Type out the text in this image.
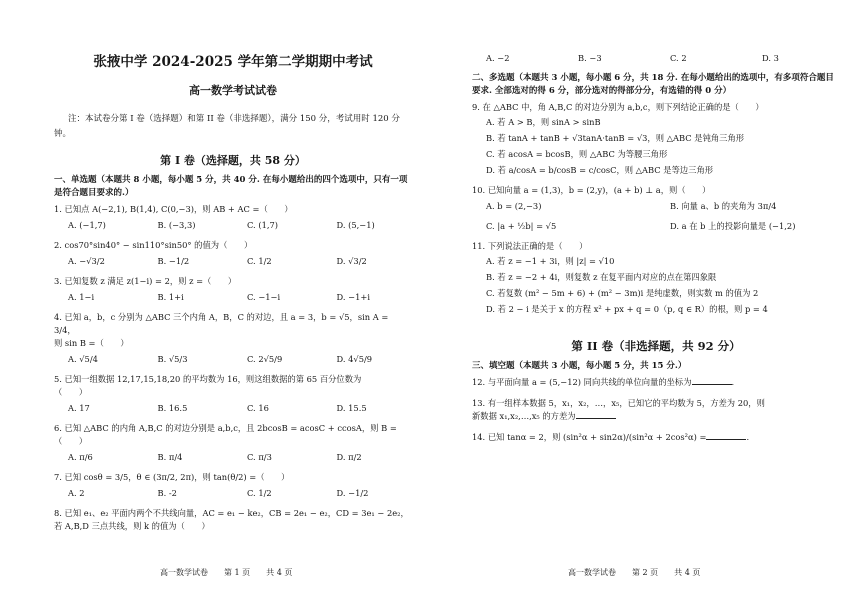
张掖中学 2024-2025 学年第二学期期中考试
高一数学考试试卷
注：本试卷分第 I 卷（选择题）和第 II 卷（非选择题），满分 150 分，考试用时 120 分钟。
第 I 卷（选择题，共 58 分）
一、单选题（本题共 8 小题，每小题 5 分，共 40 分. 在每小题给出的四个选项中，只有一项是符合题目要求的.）
1. 已知点 A(−2,1), B(1,4), C(0,−3)，则 AB + AC =（　　）
A. (−1,7)	B. (−3,3)	C. (1,7)	D. (5,−1)
2. cos70°sin40° − sin110°sin50° 的值为（　　）
A. −√3/2	B. −1/2	C. 1/2	D. √3/2
3. 已知复数 z 满足 z(1−i) = 2，则 z =（　　）
A. 1−i	B. 1+i	C. −1−i	D. −1+i
4. 已知 a，b，c 分别为 △ABC 三个内角 A，B，C 的对边，且 a = 3，b = √5，sin A = 3/4，
则 sin B =（　　）
A. √5/4	B. √5/3	C. 2√5/9	D. 4√5/9
5. 已知一组数据 12,17,15,18,20 的平均数为 16，则这组数据的第 65 百分位数为
（　　）
A. 17	B. 16.5	C. 16	D. 15.5
6. 已知 △ABC 的内角 A,B,C 的对边分别是 a,b,c，且 2bcosB = acosC + ccosA，则 B =
（　　）
A. π/6	B. π/4	C. π/3	D. π/2
7. 已知 cosθ = 3/5，θ ∈ (3π/2, 2π)，则 tan(θ/2) =（　　）
A. 2	B. -2	C. 1/2	D. −1/2
8. 已知 e₁、e₂ 平面内两个不共线向量，AC = e₁ − ke₂，CB = 2e₁ − e₂，CD = 3e₁ − 2e₂，
若 A,B,D 三点共线，则 k 的值为（　　）
高一数学试卷　　第 1 页　　共 4 页
A. −2	B. −3	C. 2	D. 3
二、多选题（本题共 3 小题，每小题 6 分，共 18 分. 在每小题给出的选项中，有多项符合题目要求. 全部选对的得 6 分，部分选对的得部分分，有选错的得 0 分）
9. 在 △ABC 中，角 A,B,C 的对边分别为 a,b,c，则下列结论正确的是（　　）
A. 若 A > B，则 sinA > sinB
B. 若 tanA + tanB + √3tanA·tanB = √3，则 △ABC 是钝角三角形
C. 若 acosA = bcosB，则 △ABC 为等腰三角形
D. 若 a/cosA = b/cosB = c/cosC，则 △ABC 是等边三角形
10. 已知向量 a = (1,3)，b = (2,y)，(a + b) ⊥ a，则（　　）
A. b = (2,−3)	B. 向量 a、b 的夹角为 3π/4
C. |a + ½b| = √5	D. a 在 b 上的投影向量是 (−1,2)
11. 下列说法正确的是（　　）
A. 若 z = −1 + 3i，则 |z| = √10
B. 若 z = −2 + 4i，则复数 z 在复平面内对应的点在第四象限
C. 若复数 (m² − 5m + 6) + (m² − 3m)i 是纯虚数，则实数 m 的值为 2
D. 若 2 − i 是关于 x 的方程 x² + px + q = 0（p, q ∈ R）的根，则 p = 4
第 II 卷（非选择题，共 92 分）
三、填空题（本题共 3 小题，每小题 5 分，共 15 分.）
12. 与平面向量 a = (5,−12) 同向共线的单位向量的坐标为	.
13. 有一组样本数据 5，x₁，x₂，…，x₅，已知它的平均数为 5，方差为 20，则
新数据 x₁,x₂,…,x₅ 的方差为
14. 已知 tanα = 2，则 (sin²α + sin2α)/(sin²α + 2cos²α) =	.
高一数学试卷　　第 2 页　　共 4 页
